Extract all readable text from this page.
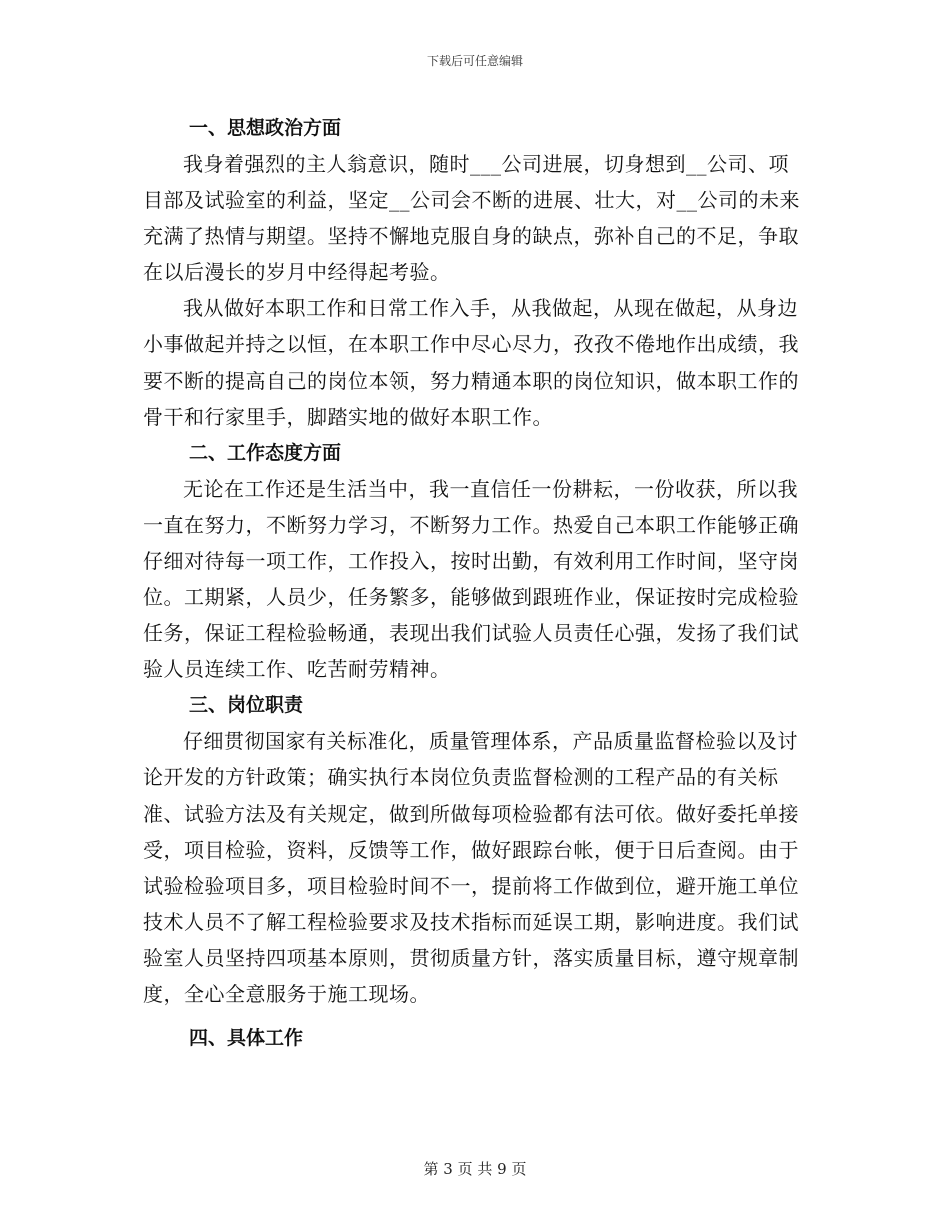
下载后可任意编辑
一、思想政治方面

我身着强烈的主人翁意识，随时___公司进展，切身想到__公司、项目部及试验室的利益，坚定__公司会不断的进展、壮大，对__公司的未来充满了热情与期望。坚持不懈地克服自身的缺点，弥补自己的不足，争取在以后漫长的岁月中经得起考验。

我从做好本职工作和日常工作入手，从我做起，从现在做起，从身边小事做起并持之以恒，在本职工作中尽心尽力，孜孜不倦地作出成绩，我要不断的提高自己的岗位本领，努力精通本职的岗位知识，做本职工作的骨干和行家里手，脚踏实地的做好本职工作。

二、工作态度方面

无论在工作还是生活当中，我一直信任一份耕耘，一份收获，所以我一直在努力，不断努力学习，不断努力工作。热爱自己本职工作能够正确仔细对待每一项工作，工作投入，按时出勤，有效利用工作时间，坚守岗位。工期紧，人员少，任务繁多，能够做到跟班作业，保证按时完成检验任务，保证工程检验畅通，表现出我们试验人员责任心强，发扬了我们试验人员连续工作、吃苦耐劳精神。

三、岗位职责

仔细贯彻国家有关标准化，质量管理体系，产品质量监督检验以及讨论开发的方针政策；确实执行本岗位负责监督检测的工程产品的有关标准、试验方法及有关规定，做到所做每项检验都有法可依。做好委托单接受，项目检验，资料，反馈等工作，做好跟踪台帐，便于日后查阅。由于试验检验项目多，项目检验时间不一，提前将工作做到位，避开施工单位技术人员不了解工程检验要求及技术指标而延误工期，影响进度。我们试验室人员坚持四项基本原则，贯彻质量方针，落实质量目标，遵守规章制度，全心全意服务于施工现场。

四、具体工作
第 3 页 共 9 页
